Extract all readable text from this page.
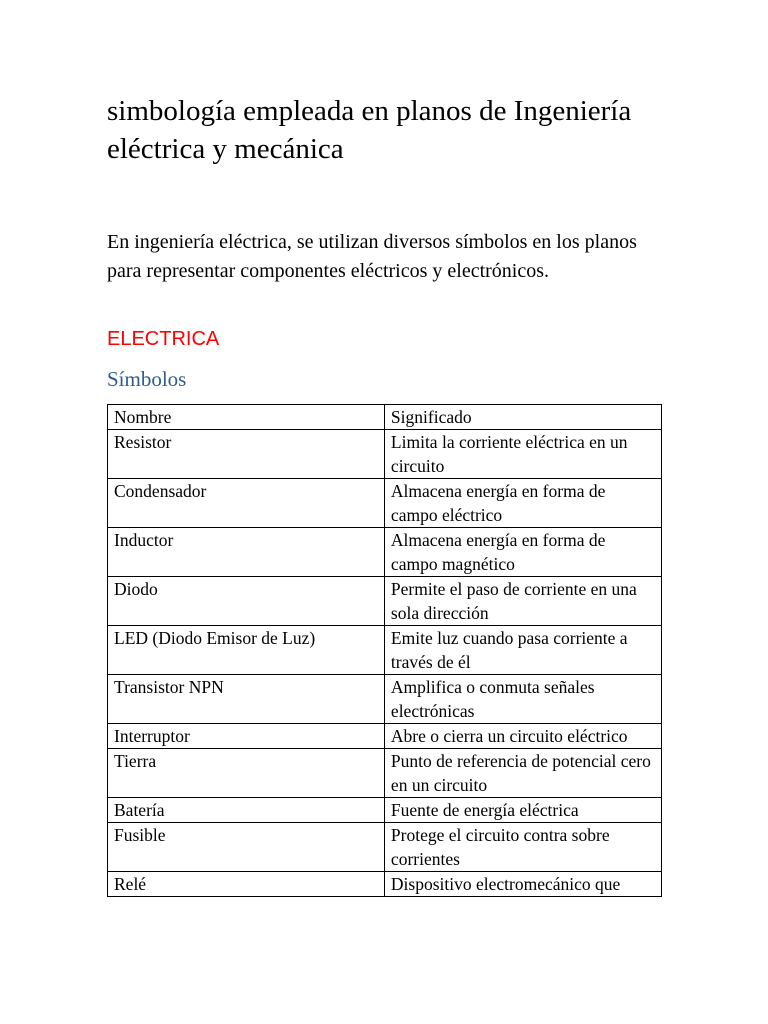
simbología empleada en planos de Ingeniería eléctrica y mecánica

En ingeniería eléctrica, se utilizan diversos símbolos en los planos para representar componentes eléctricos y electrónicos.

ELECTRICA

Símbolos
Nombre	Significado
Resistor	Limita la corriente eléctrica en un circuito
Condensador	Almacena energía en forma de campo eléctrico
Inductor	Almacena energía en forma de campo magnético
Diodo	Permite el paso de corriente en una sola dirección
LED (Diodo Emisor de Luz)	Emite luz cuando pasa corriente a través de él
Transistor NPN	Amplifica o conmuta señales electrónicas
Interruptor	Abre o cierra un circuito eléctrico
Tierra	Punto de referencia de potencial cero en un circuito
Batería	Fuente de energía eléctrica
Fusible	Protege el circuito contra sobre corrientes
Relé	Dispositivo electromecánico que
